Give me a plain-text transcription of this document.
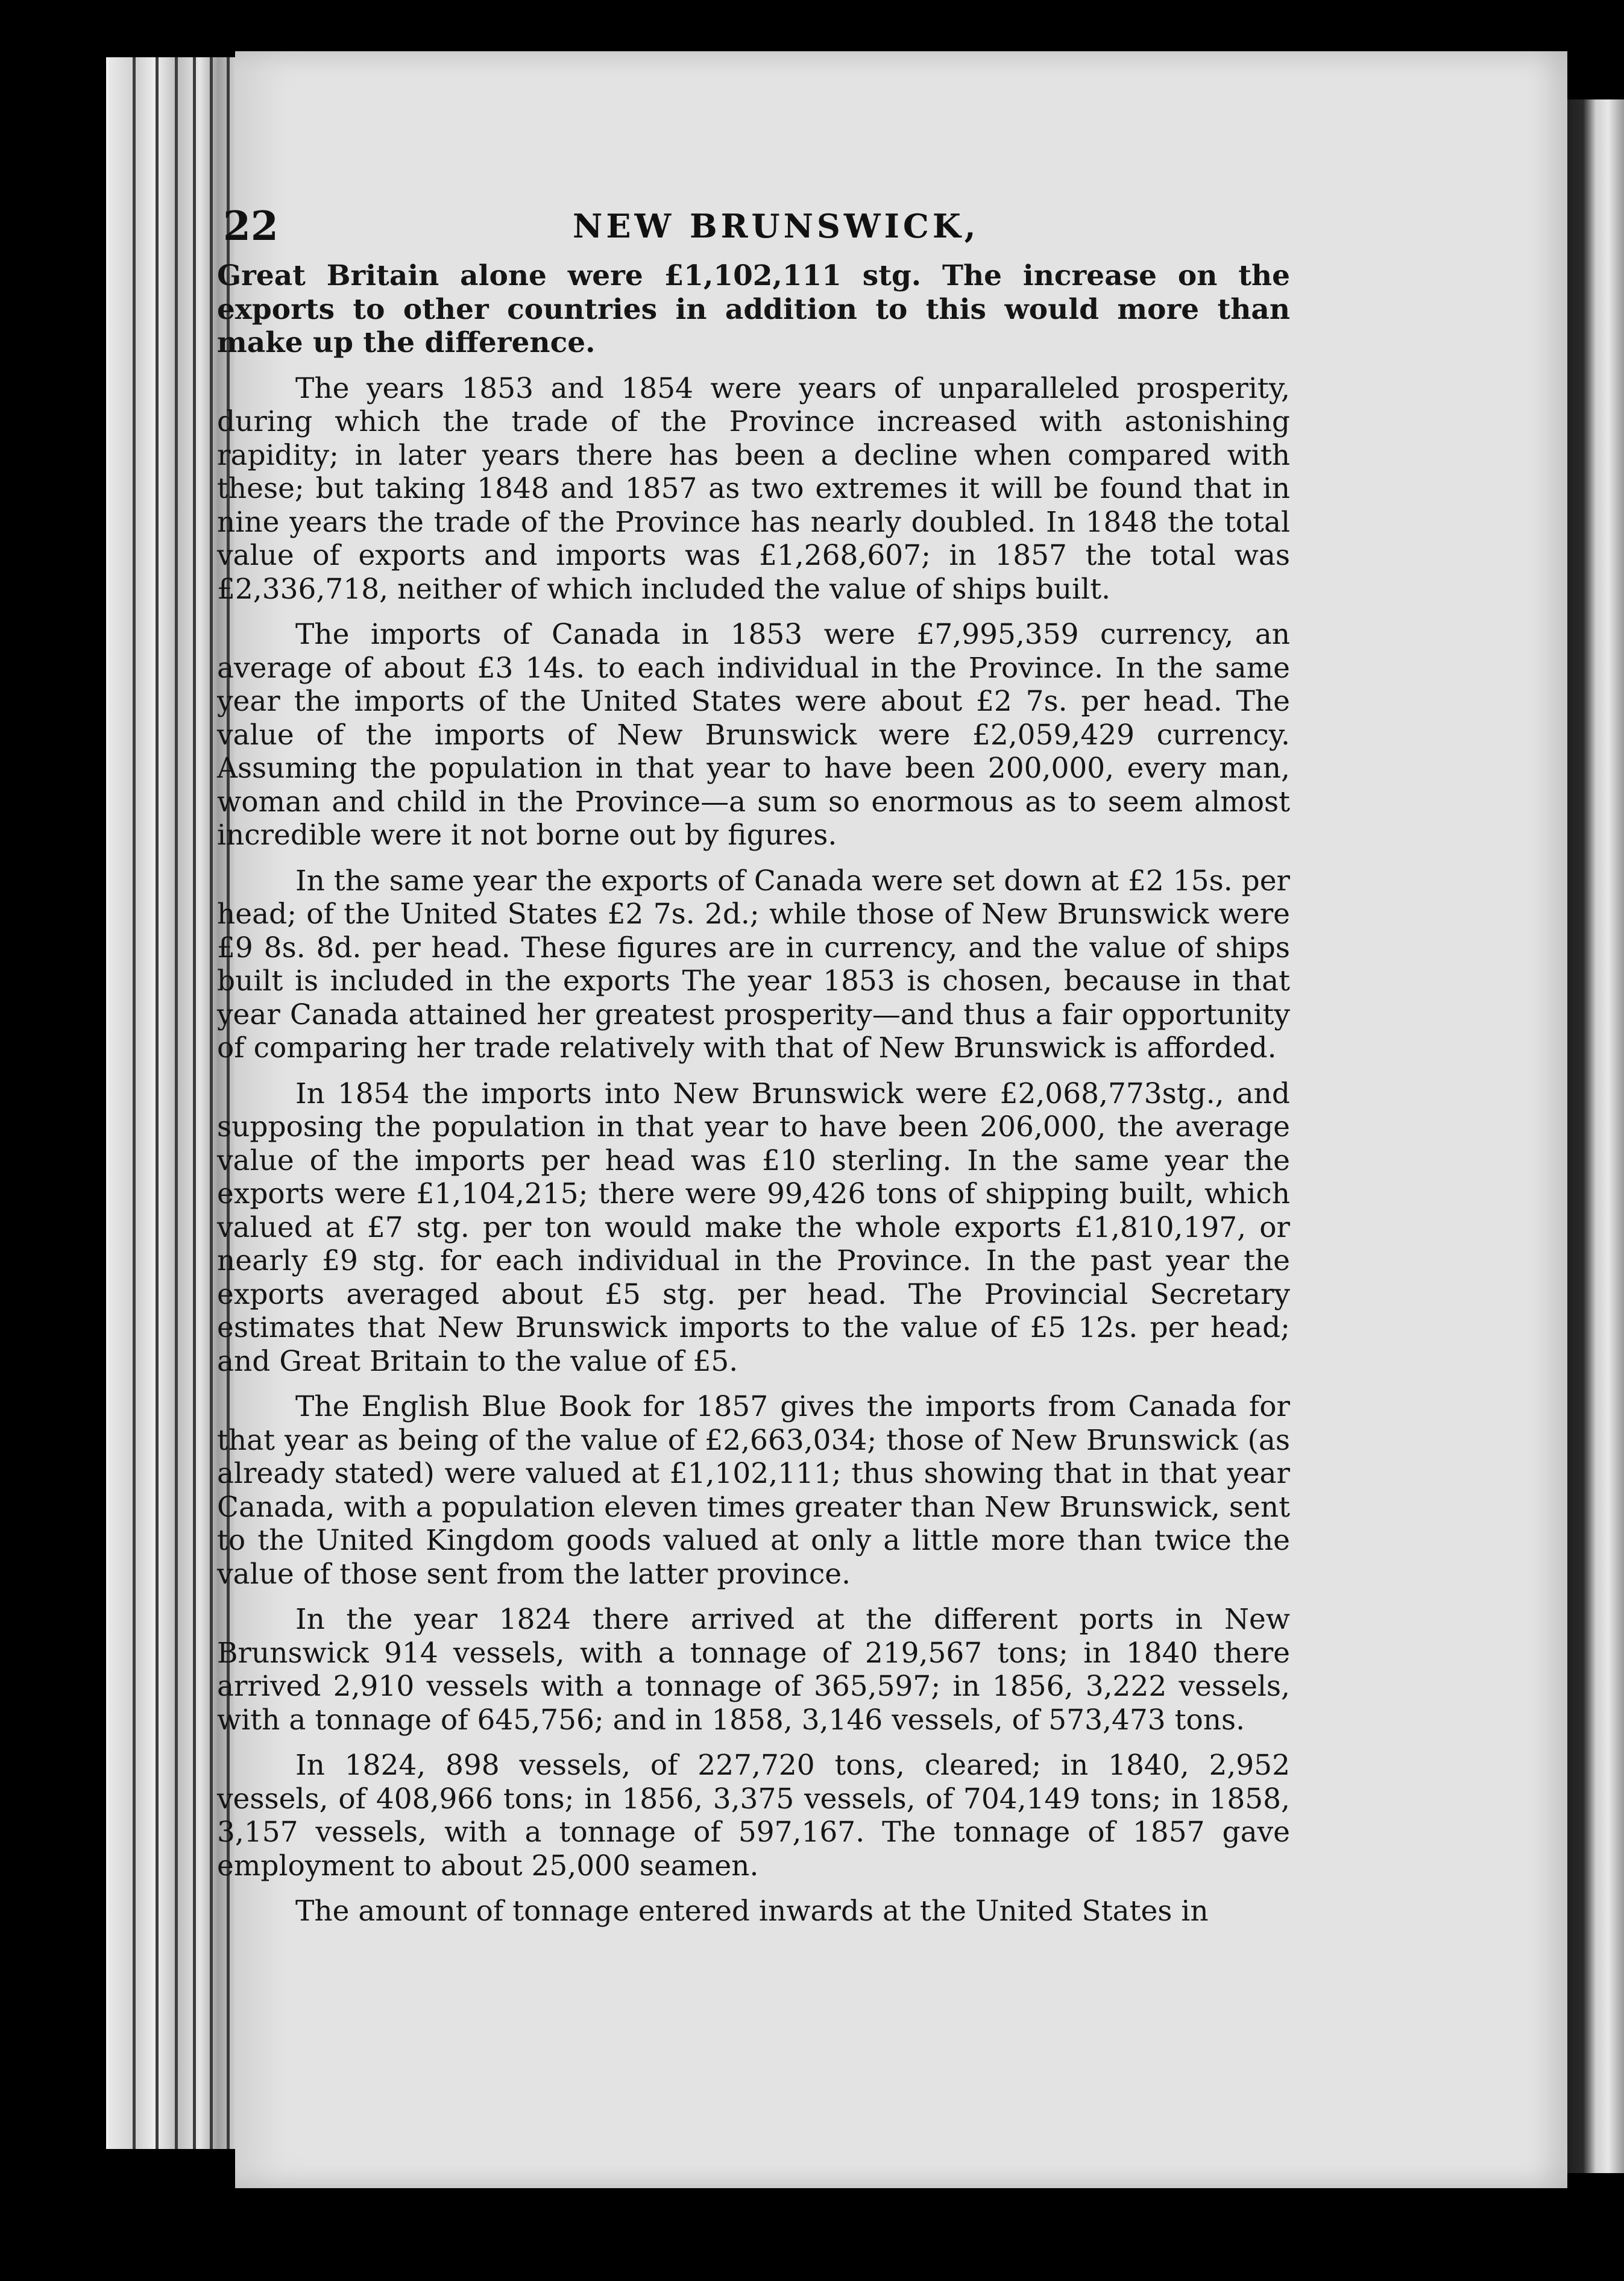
22	NEW BRUNSWICK,

Great Britain alone were £1,102,111 stg. The increase on the exports to other countries in addition to this would more than make up the difference.

The years 1853 and 1854 were years of unparalleled prosperity, during which the trade of the Province increased with astonishing rapidity; in later years there has been a decline when compared with these; but taking 1848 and 1857 as two extremes it will be found that in nine years the trade of the Province has nearly doubled. In 1848 the total value of exports and imports was £1,268,607; in 1857 the total was £2,336,718, neither of which included the value of ships built.

The imports of Canada in 1853 were £7,995,359 currency, an average of about £3 14s. to each individual in the Province. In the same year the imports of the United States were about £2 7s. per head. The value of the imports of New Brunswick were £2,059,429 currency. Assuming the population in that year to have been 200,000, every man, woman and child in the Province—a sum so enormous as to seem almost incredible were it not borne out by figures.

In the same year the exports of Canada were set down at £2 15s. per head; of the United States £2 7s. 2d.; while those of New Brunswick were £9 8s. 8d. per head. These figures are in currency, and the value of ships built is included in the exports The year 1853 is chosen, because in that year Canada attained her greatest prosperity—and thus a fair opportunity of comparing her trade relatively with that of New Brunswick is afforded.

In 1854 the imports into New Brunswick were £2,068,773stg., and supposing the population in that year to have been 206,000, the average value of the imports per head was £10 sterling. In the same year the exports were £1,104,215; there were 99,426 tons of shipping built, which valued at £7 stg. per ton would make the whole exports £1,810,197, or nearly £9 stg. for each individual in the Province. In the past year the exports averaged about £5 stg. per head. The Provincial Secretary estimates that New Brunswick imports to the value of £5 12s. per head; and Great Britain to the value of £5.

The English Blue Book for 1857 gives the imports from Canada for that year as being of the value of £2,663,034; those of New Brunswick (as already stated) were valued at £1,102,111; thus showing that in that year Canada, with a population eleven times greater than New Brunswick, sent to the United Kingdom goods valued at only a little more than twice the value of those sent from the latter province.

In the year 1824 there arrived at the different ports in New Brunswick 914 vessels, with a tonnage of 219,567 tons; in 1840 there arrived 2,910 vessels with a tonnage of 365,597; in 1856, 3,222 vessels, with a tonnage of 645,756; and in 1858, 3,146 vessels, of 573,473 tons.

In 1824, 898 vessels, of 227,720 tons, cleared; in 1840, 2,952 vessels, of 408,966 tons; in 1856, 3,375 vessels, of 704,149 tons; in 1858, 3,157 vessels, with a tonnage of 597,167. The tonnage of 1857 gave employment to about 25,000 seamen.

The amount of tonnage entered inwards at the United States in
